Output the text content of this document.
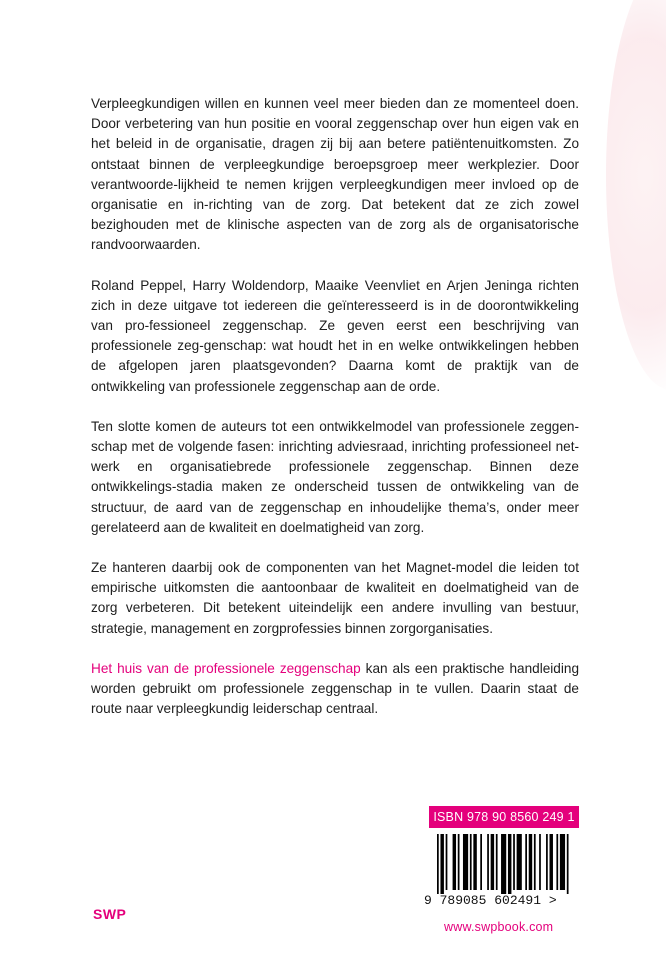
Verpleegkundigen willen en kunnen veel meer bieden dan ze momenteel doen. Door verbetering van hun positie en vooral zeggenschap over hun eigen vak en het beleid in de organisatie, dragen zij bij aan betere patiëntenuitkomsten. Zo ontstaat binnen de verpleegkundige beroepsgroep meer werkplezier. Door verantwoorde-lijkheid te nemen krijgen verpleegkundigen meer invloed op de organisatie en in-richting van de zorg. Dat betekent dat ze zich zowel bezighouden met de klinische aspecten van de zorg als de organisatorische randvoorwaarden.

Roland Peppel, Harry Woldendorp, Maaike Veenvliet en Arjen Jeninga richten zich in deze uitgave tot iedereen die geïnteresseerd is in de doorontwikkeling van pro-fessioneel zeggenschap. Ze geven eerst een beschrijving van professionele zeg-genschap: wat houdt het in en welke ontwikkelingen hebben de afgelopen jaren plaatsgevonden? Daarna komt de praktijk van de ontwikkeling van professionele zeggenschap aan de orde.

Ten slotte komen de auteurs tot een ontwikkelmodel van professionele zeggen-schap met de volgende fasen: inrichting adviesraad, inrichting professioneel net-werk en organisatiebrede professionele zeggenschap. Binnen deze ontwikkelings-stadia maken ze onderscheid tussen de ontwikkeling van de structuur, de aard van de zeggenschap en inhoudelijke thema’s, onder meer gerelateerd aan de kwaliteit en doelmatigheid van zorg.

Ze hanteren daarbij ook de componenten van het Magnet-model die leiden tot empirische uitkomsten die aantoonbaar de kwaliteit en doelmatigheid van de zorg verbeteren. Dit betekent uiteindelijk een andere invulling van bestuur, strategie, management en zorgprofessies binnen zorgorganisaties.

Het huis van de professionele zeggenschap kan als een praktische handleiding worden gebruikt om professionele zeggenschap in te vullen. Daarin staat de route naar verpleegkundig leiderschap centraal.

ISBN 978 90 8560 249 1
9 789085 602491 >
www.swpbook.com
SWP
